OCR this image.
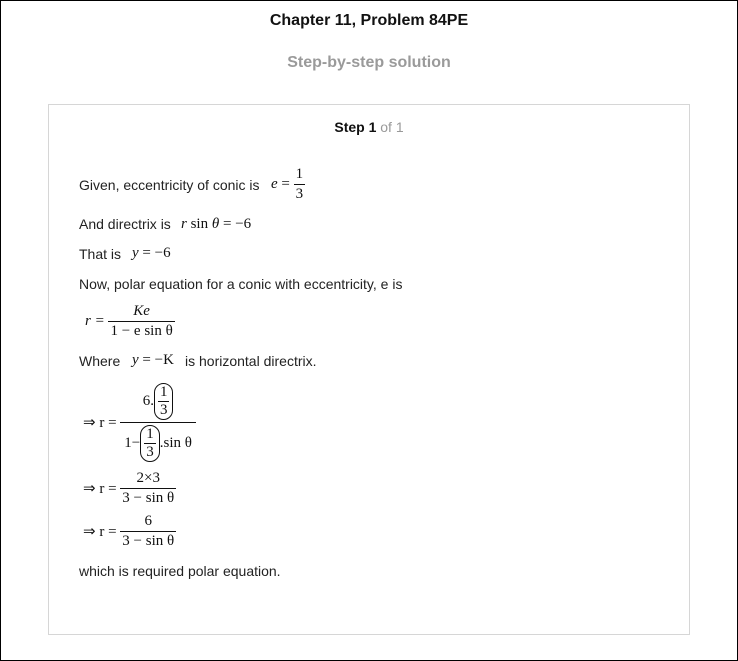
Chapter 11, Problem 84PE
Step-by-step solution
Step 1 of 1
Given, eccentricity of conic is $e = \frac{1}{3}$
And directrix is r sin θ = −6
That is y = −6
Now, polar equation for a conic with eccentricity, e is
$r = \frac{Ke}{\text{1 − e sin θ}}$
Where y = −K is horizontal directrix.
⇒ $r = \frac{6. \frac{1}{3}}{1- \frac{1}{3} .\sin \theta}$
⇒ $r = \frac{2\times 3}{\text{3 − sin θ}}$
⇒ $r = \frac{6}{\text{3 − sin θ}}$
which is required polar equation.
